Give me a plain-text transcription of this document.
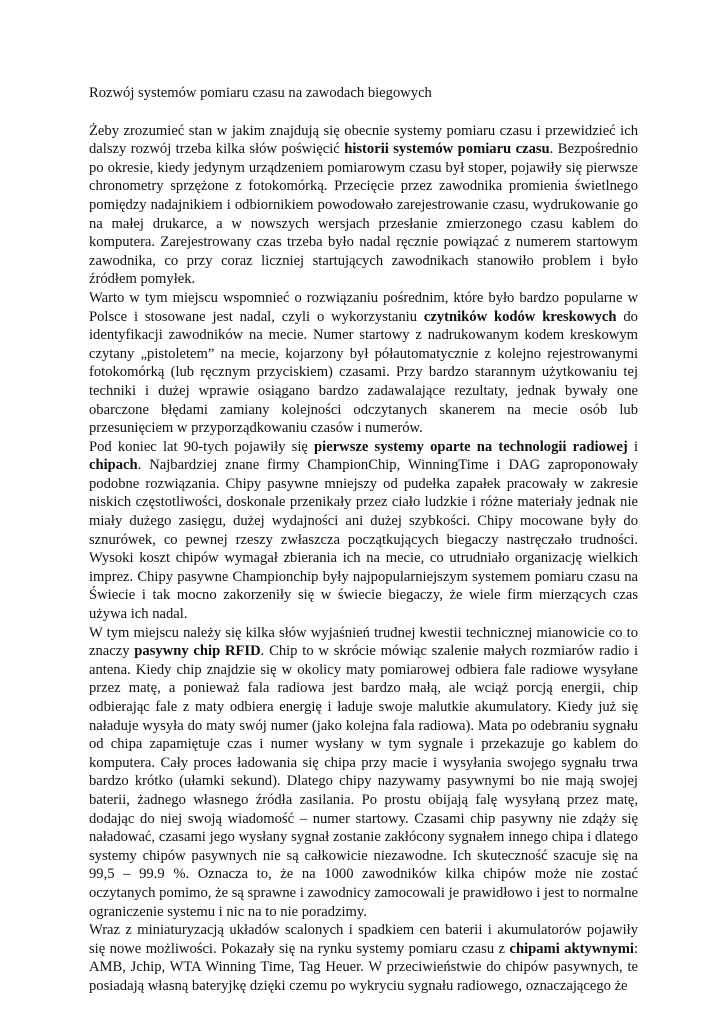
Rozwój systemów pomiaru czasu na zawodach biegowych

Żeby zrozumieć stan w jakim znajdują się obecnie systemy pomiaru czasu i przewidzieć ich dalszy rozwój trzeba kilka słów poświęcić historii systemów pomiaru czasu. Bezpośrednio po okresie, kiedy jedynym urządzeniem pomiarowym czasu był stoper, pojawiły się pierwsze chronometry sprzężone z fotokomórką. Przecięcie przez zawodnika promienia świetlnego pomiędzy nadajnikiem i odbiornikiem powodowało zarejestrowanie czasu, wydrukowanie go na małej drukarce, a w nowszych wersjach przesłanie zmierzonego czasu kablem do komputera. Zarejestrowany czas trzeba było nadal ręcznie powiązać z numerem startowym zawodnika, co przy coraz liczniej startujących zawodnikach stanowiło problem i było źródłem pomyłek.

Warto w tym miejscu wspomnieć o rozwiązaniu pośrednim, które było bardzo popularne w Polsce i stosowane jest nadal, czyli o wykorzystaniu czytników kodów kreskowych do identyfikacji zawodników na mecie. Numer startowy z nadrukowanym kodem kreskowym czytany „pistoletem” na mecie, kojarzony był półautomatycznie z kolejno rejestrowanymi fotokomórką (lub ręcznym przyciskiem) czasami. Przy bardzo starannym użytkowaniu tej techniki i dużej wprawie osiągano bardzo zadawalające rezultaty, jednak bywały one obarczone błędami zamiany kolejności odczytanych skanerem na mecie osób lub przesunięciem w przyporządkowaniu czasów i numerów.

Pod koniec lat 90-tych pojawiły się pierwsze systemy oparte na technologii radiowej i chipach. Najbardziej znane firmy ChampionChip, WinningTime i DAG zaproponowały podobne rozwiązania. Chipy pasywne mniejszy od pudełka zapałek pracowały w zakresie niskich częstotliwości, doskonale przenikały przez ciało ludzkie i różne materiały jednak nie miały dużego zasięgu, dużej wydajności ani dużej szybkości. Chipy mocowane były do sznurówek, co pewnej rzeszy zwłaszcza początkujących biegaczy nastręczało trudności. Wysoki koszt chipów wymagał zbierania ich na mecie, co utrudniało organizację wielkich imprez. Chipy pasywne Championchip były najpopularniejszym systemem pomiaru czasu na Świecie i tak mocno zakorzeniły się w świecie biegaczy, że wiele firm mierzących czas używa ich nadal.

W tym miejscu należy się kilka słów wyjaśnień trudnej kwestii technicznej mianowicie co to znaczy pasywny chip RFID. Chip to w skrócie mówiąc szalenie małych rozmiarów radio i antena. Kiedy chip znajdzie się w okolicy maty pomiarowej odbiera fale radiowe wysyłane przez matę, a ponieważ fala radiowa jest bardzo małą, ale wciąż porcją energii, chip odbierając fale z maty odbiera energię i ładuje swoje malutkie akumulatory. Kiedy już się naładuje wysyła do maty swój numer (jako kolejna fala radiowa). Mata po odebraniu sygnału od chipa zapamiętuje czas i numer wysłany w tym sygnale i przekazuje go kablem do komputera. Cały proces ładowania się chipa przy macie i wysyłania swojego sygnału trwa bardzo krótko (ułamki sekund). Dlatego chipy nazywamy pasywnymi bo nie mają swojej baterii, żadnego własnego źródła zasilania. Po prostu obijają falę wysyłaną przez matę, dodając do niej swoją wiadomość – numer startowy. Czasami chip pasywny nie zdąży się naładować, czasami jego wysłany sygnał zostanie zakłócony sygnałem innego chipa i dlatego systemy chipów pasywnych nie są całkowicie niezawodne. Ich skuteczność szacuje się na 99,5 – 99.9 %. Oznacza to, że na 1000 zawodników kilka chipów może nie zostać oczytanych pomimo, że są sprawne i zawodnicy zamocowali je prawidłowo i jest to normalne ograniczenie systemu i nic na to nie poradzimy.

Wraz z miniaturyzacją układów scalonych i spadkiem cen baterii i akumulatorów pojawiły się nowe możliwości. Pokazały się na rynku systemy pomiaru czasu z chipami aktywnymi: AMB, Jchip, WTA Winning Time, Tag Heuer. W przeciwieństwie do chipów pasywnych, te posiadają własną bateryjkę dzięki czemu po wykryciu sygnału radiowego, oznaczającego że
